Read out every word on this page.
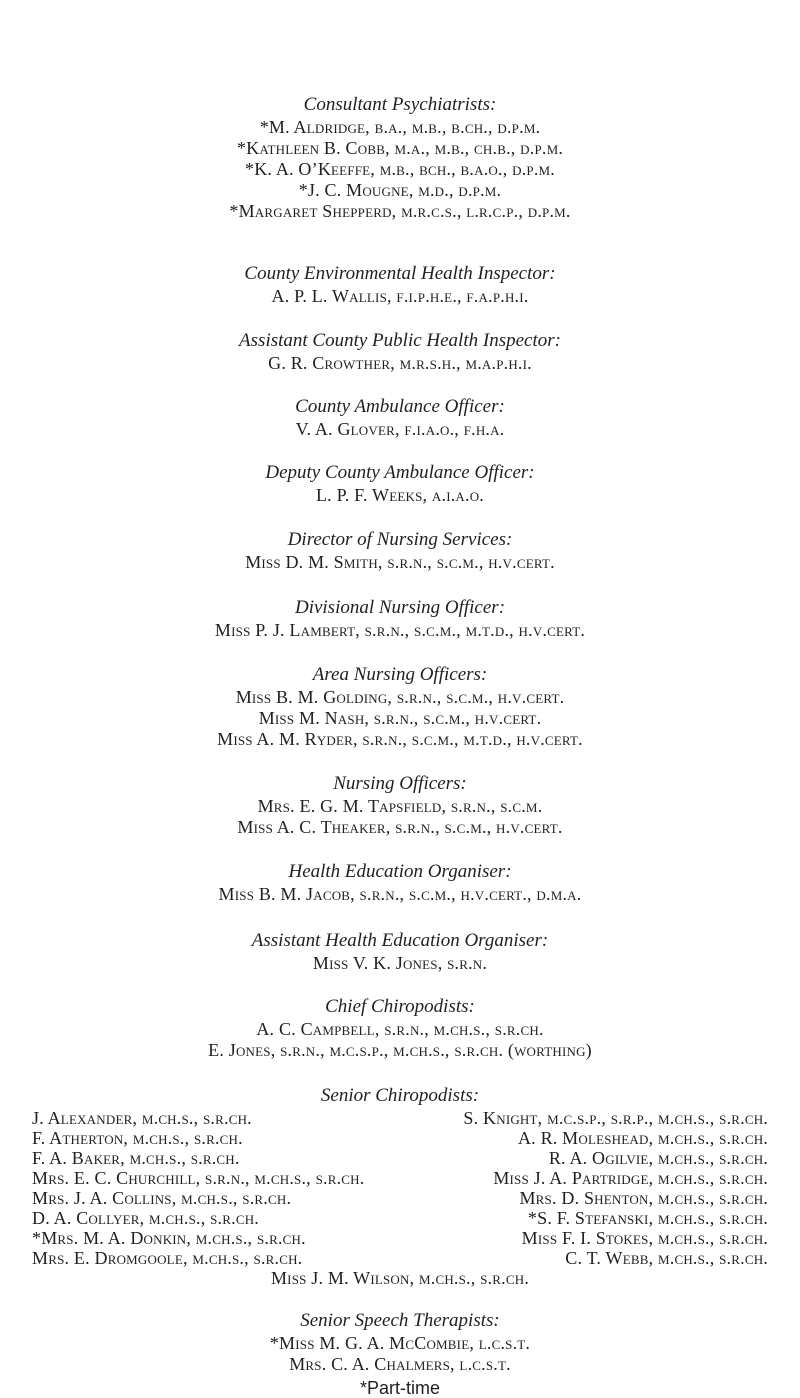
Consultant Psychiatrists:
*M. Aldridge, b.a., m.b., b.ch., d.p.m.
*Kathleen B. Cobb, m.a., m.b., ch.b., d.p.m.
*K. A. O’Keeffe, m.b., bch., b.a.o., d.p.m.
*J. C. Mougne, m.d., d.p.m.
*Margaret Shepperd, m.r.c.s., l.r.c.p., d.p.m.
County Environmental Health Inspector:
A. P. L. Wallis, f.i.p.h.e., f.a.p.h.i.
Assistant County Public Health Inspector:
G. R. Crowther, m.r.s.h., m.a.p.h.i.
County Ambulance Officer:
V. A. Glover, f.i.a.o., f.h.a.
Deputy County Ambulance Officer:
L. P. F. Weeks, a.i.a.o.
Director of Nursing Services:
Miss D. M. Smith, s.r.n., s.c.m., h.v.cert.
Divisional Nursing Officer:
Miss P. J. Lambert, s.r.n., s.c.m., m.t.d., h.v.cert.
Area Nursing Officers:
Miss B. M. Golding, s.r.n., s.c.m., h.v.cert.
Miss M. Nash, s.r.n., s.c.m., h.v.cert.
Miss A. M. Ryder, s.r.n., s.c.m., m.t.d., h.v.cert.
Nursing Officers:
Mrs. E. G. M. Tapsfield, s.r.n., s.c.m.
Miss A. C. Theaker, s.r.n., s.c.m., h.v.cert.
Health Education Organiser:
Miss B. M. Jacob, s.r.n., s.c.m., h.v.cert., d.m.a.
Assistant Health Education Organiser:
Miss V. K. Jones, s.r.n.
Chief Chiropodists:
A. C. Campbell, s.r.n., m.ch.s., s.r.ch.
E. Jones, s.r.n., m.c.s.p., m.ch.s., s.r.ch. (worthing)
Senior Chiropodists:
J. Alexander, m.ch.s., s.r.ch.
F. Atherton, m.ch.s., s.r.ch.
F. A. Baker, m.ch.s., s.r.ch.
Mrs. E. C. Churchill, s.r.n., m.ch.s., s.r.ch.
Mrs. J. A. Collins, m.ch.s., s.r.ch.
D. A. Collyer, m.ch.s., s.r.ch.
*Mrs. M. A. Donkin, m.ch.s., s.r.ch.
Mrs. E. Dromgoole, m.ch.s., s.r.ch.
S. Knight, m.c.s.p., s.r.p., m.ch.s., s.r.ch.
A. R. Moleshead, m.ch.s., s.r.ch.
R. A. Ogilvie, m.ch.s., s.r.ch.
Miss J. A. Partridge, m.ch.s., s.r.ch.
Mrs. D. Shenton, m.ch.s., s.r.ch.
*S. F. Stefanski, m.ch.s., s.r.ch.
Miss F. I. Stokes, m.ch.s., s.r.ch.
C. T. Webb, m.ch.s., s.r.ch.
Miss J. M. Wilson, m.ch.s., s.r.ch.
Senior Speech Therapists:
*Miss M. G. A. McCombie, l.c.s.t.
Mrs. C. A. Chalmers, l.c.s.t.
*Part-time
